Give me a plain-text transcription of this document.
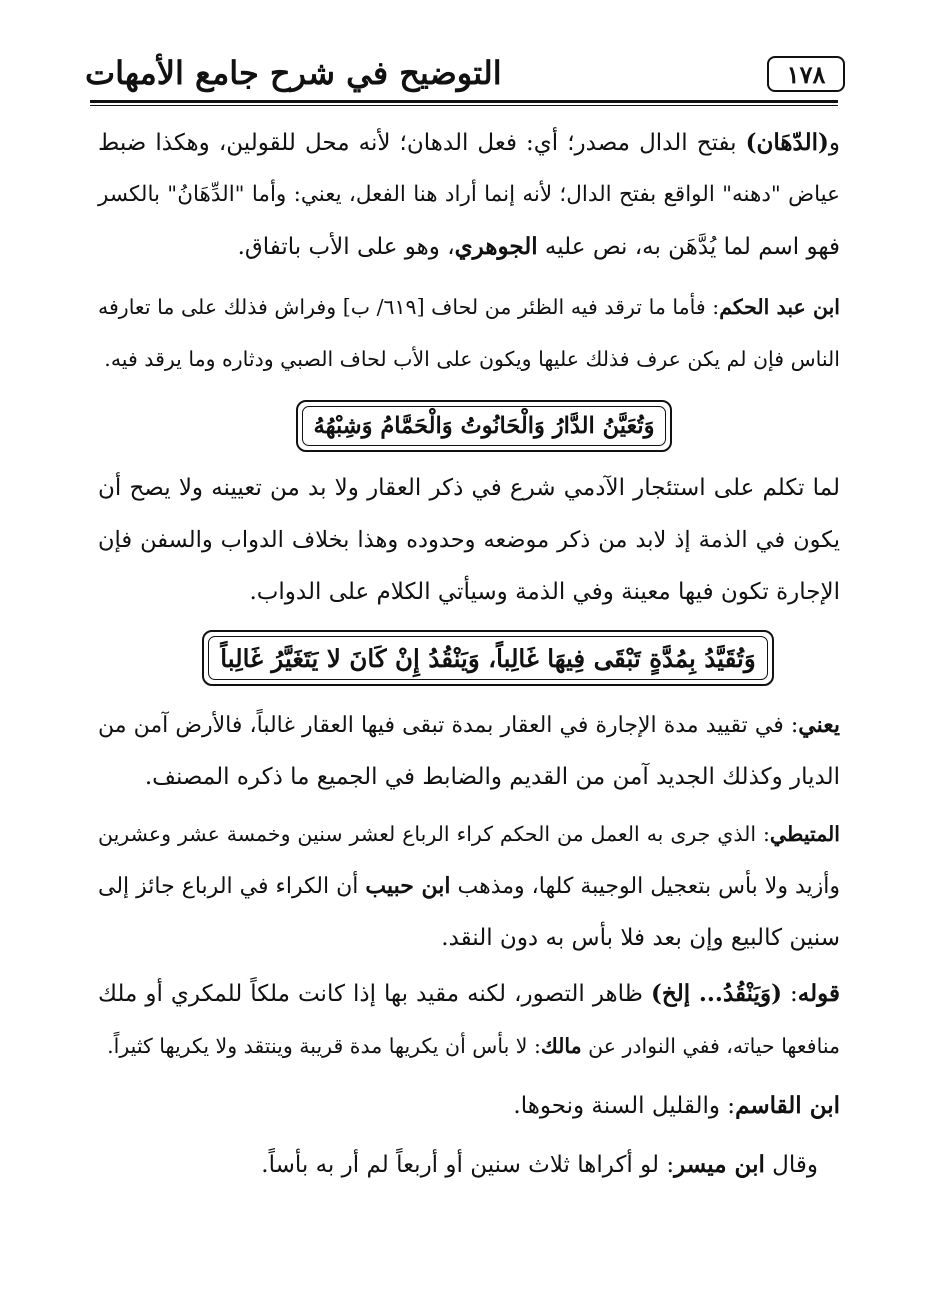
التوضيح في شرح جامع الأمهات	١٧٨
و(الدّهَان) بفتح الدال مصدر؛ أي: فعل الدهان؛ لأنه محل للقولين، وهكذا ضبط
عياض "دهنه" الواقع بفتح الدال؛ لأنه إنما أراد هنا الفعل، يعني: وأما "الدِّهَانُ" بالكسر
فهو اسم لما يُدَّهَن به، نص عليه الجوهري، وهو على الأب باتفاق.
ابن عبد الحكم: فأما ما ترقد فيه الظئر من لحاف [٦١٩/ ب] وفراش فذلك على ما تعارفه
الناس فإن لم يكن عرف فذلك عليها ويكون على الأب لحاف الصبي ودثاره وما يرقد فيه.
وَتُعَيَّنُ الدَّارُ وَالْحَانُوتُ وَالْحَمَّامُ وَشِبْهُهُ
لما تكلم على استئجار الآدمي شرع في ذكر العقار ولا بد من تعيينه ولا يصح أن
يكون في الذمة إذ لابد من ذكر موضعه وحدوده وهذا بخلاف الدواب والسفن فإن
الإجارة تكون فيها معينة وفي الذمة وسيأتي الكلام على الدواب.
وَتُقَيَّدُ بِمُدَّةٍ تَبْقَى فِيهَا غَالِباً، وَيَنْقُدُ إِنْ كَانَ لا يَتَغَيَّرُ غَالِباً
يعني: في تقييد مدة الإجارة في العقار بمدة تبقى فيها العقار غالباً، فالأرض آمن من
الديار وكذلك الجديد آمن من القديم والضابط في الجميع ما ذكره المصنف.
المتيطي: الذي جرى به العمل من الحكم كراء الرباع لعشر سنين وخمسة عشر وعشرين
وأزيد ولا بأس بتعجيل الوجيبة كلها، ومذهب ابن حبيب أن الكراء في الرباع جائز إلى
سنين كالبيع وإن بعد فلا بأس به دون النقد.
قوله: (وَيَنْقُدُ... إلخ) ظاهر التصور، لكنه مقيد بها إذا كانت ملكاً للمكري أو ملك
منافعها حياته، ففي النوادر عن مالك: لا بأس أن يكريها مدة قريبة وينتقد ولا يكريها كثيراً.
ابن القاسم: والقليل السنة ونحوها.
وقال ابن ميسر: لو أكراها ثلاث سنين أو أربعاً لم أر به بأساً.
